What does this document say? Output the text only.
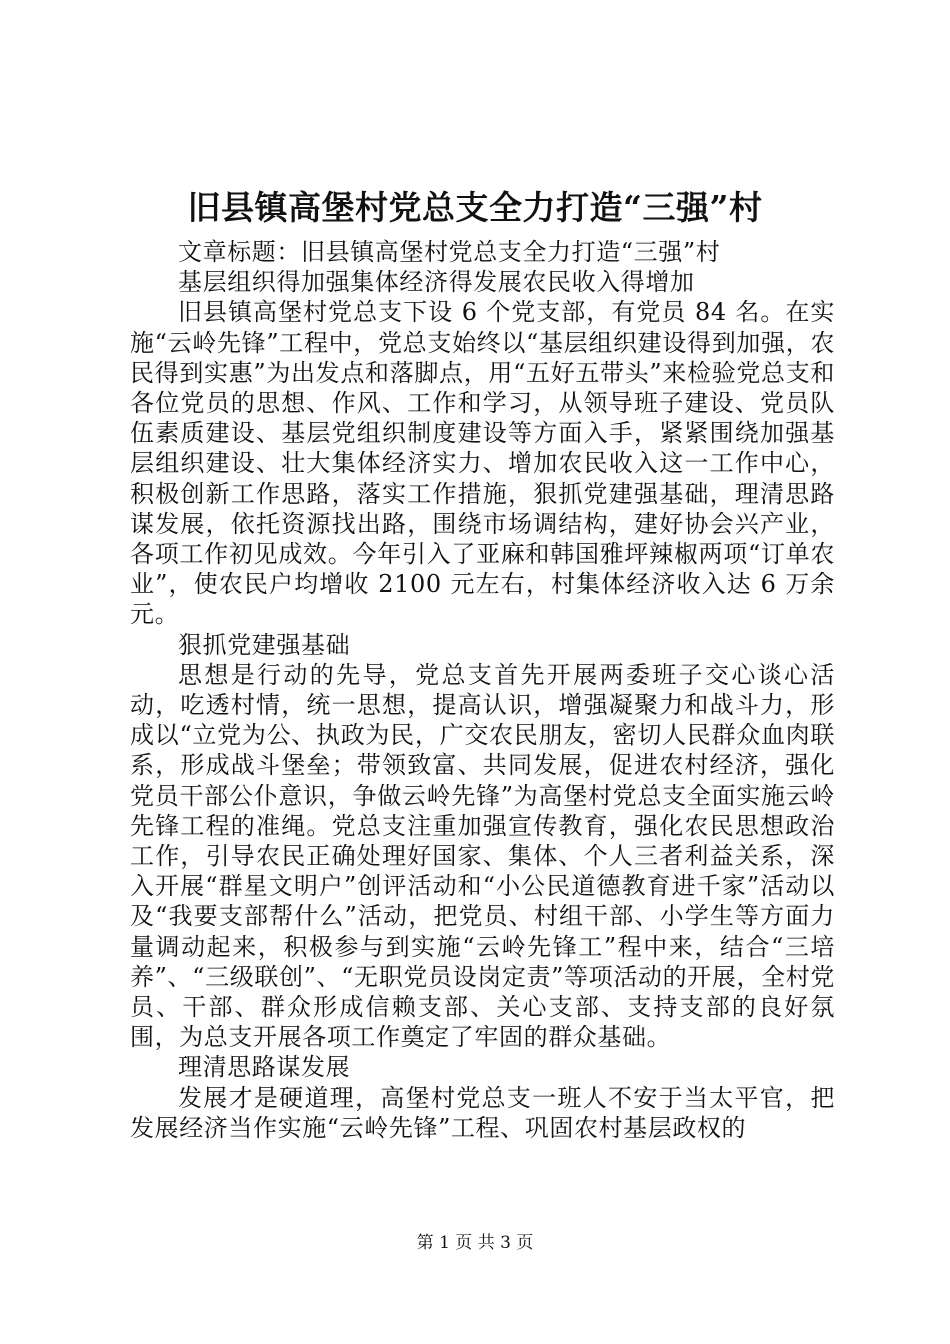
旧县镇高堡村党总支全力打造“三强”村

文章标题：旧县镇高堡村党总支全力打造“三强”村

基层组织得加强集体经济得发展农民收入得增加

旧县镇高堡村党总支下设 6 个党支部，有党员 84 名。在实施“云岭先锋”工程中，党总支始终以“基层组织建设得到加强，农民得到实惠”为出发点和落脚点，用“五好五带头”来检验党总支和各位党员的思想、作风、工作和学习，从领导班子建设、党员队伍素质建设、基层党组织制度建设等方面入手，紧紧围绕加强基层组织建设、壮大集体经济实力、增加农民收入这一工作中心，积极创新工作思路，落实工作措施，狠抓党建强基础，理清思路谋发展，依托资源找出路，围绕市场调结构，建好协会兴产业，各项工作初见成效。今年引入了亚麻和韩国雅坪辣椒两项“订单农业”，使农民户均增收 2100 元左右，村集体经济收入达 6 万余元。

狠抓党建强基础

思想是行动的先导，党总支首先开展两委班子交心谈心活动，吃透村情，统一思想，提高认识，增强凝聚力和战斗力，形成以“立党为公、执政为民，广交农民朋友，密切人民群众血肉联系，形成战斗堡垒；带领致富、共同发展，促进农村经济，强化党员干部公仆意识，争做云岭先锋”为高堡村党总支全面实施云岭先锋工程的准绳。党总支注重加强宣传教育，强化农民思想政治工作，引导农民正确处理好国家、集体、个人三者利益关系，深入开展“群星文明户”创评活动和“小公民道德教育进千家”活动以及“我要支部帮什么”活动，把党员、村组干部、小学生等方面力量调动起来，积极参与到实施“云岭先锋工”程中来，结合“三培养”、“三级联创”、“无职党员设岗定责”等项活动的开展，全村党员、干部、群众形成信赖支部、关心支部、支持支部的良好氛围，为总支开展各项工作奠定了牢固的群众基础。

理清思路谋发展

发展才是硬道理，高堡村党总支一班人不安于当太平官，把发展经济当作实施“云岭先锋”工程、巩固农村基层政权的

第 1 页 共 3 页
